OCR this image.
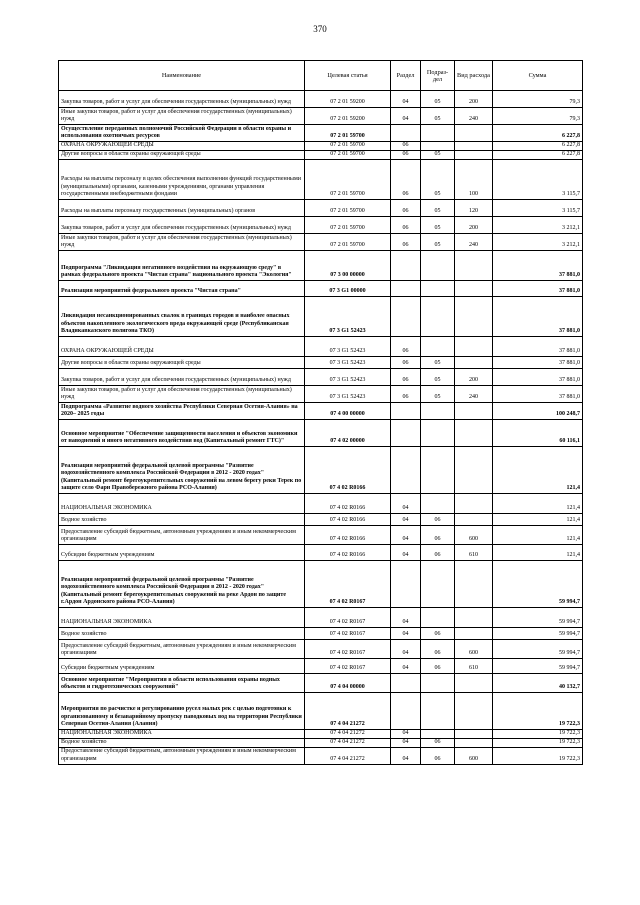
370
Наименование	Целевая статья	Раздел	Подраз-дел	Вид расхода	Сумма
Закупка товаров, работ и услуг для обеспечения государственных (муниципальных) нужд	07 2 01 59200	04	05	200	79,3
Иные закупки товаров, работ и услуг для обеспечения государственных (муниципальных) нужд	07 2 01 59200	04	05	240	79,3
Осуществление переданных полномочий Российской Федерации в области охраны и использования охотничьих ресурсов	07 2 01 59700				6 227,8
ОХРАНА ОКРУЖАЮЩЕЙ СРЕДЫ	07 2 01 59700	06			6 227,8
Другие вопросы в области охраны окружающей среды	07 2 01 59700	06	05		6 227,8
Расходы на выплаты персоналу в целях обеспечения выполнения функций государственными (муниципальными) органами, казенными учреждениями, органами управления государственными внебюджетными фондами	07 2 01 59700	06	05	100	3 115,7
Расходы на выплаты персоналу государственных (муниципальных) органов	07 2 01 59700	06	05	120	3 115,7
Закупка товаров, работ и услуг для обеспечения государственных (муниципальных) нужд	07 2 01 59700	06	05	200	3 212,1
Иные закупки товаров, работ и услуг для обеспечения государственных (муниципальных) нужд	07 2 01 59700	06	05	240	3 212,1
Подпрограмма "Ликвидация негативного воздействия на окружающую среду" в рамках федерального проекта "Чистая страна" национального проекта "Экология"	07 3 00 00000				37 881,0
Реализация мероприятий федерального проекта "Чистая страна"	07 3 G1 00000				37 881,0
Ликвидация несанкционированных свалок в границах городов и наиболее опасных объектов накопленного экологического вреда окружающей среде (Республиканская Владикавказского полигона ТКО)	07 3 G1 52423				37 881,0
ОХРАНА ОКРУЖАЮЩЕЙ СРЕДЫ	07 3 G1 52423	06			37 881,0
Другие вопросы в области охраны окружающей среды	07 3 G1 52423	06	05		37 881,0
Закупка товаров, работ и услуг для обеспечения государственных (муниципальных) нужд	07 3 G1 52423	06	05	200	37 881,0
Иные закупки товаров, работ и услуг для обеспечения государственных (муниципальных) нужд	07 3 G1 52423	06	05	240	37 881,0
Подпрограмма «Развитие водного хозяйства Республики Северная Осетия-Алания» на 2020– 2025 годы	07 4 00 00000				100 248,7
Основное мероприятие "Обеспечение защищенности населения и объектов экономики от наводнений и иного негативного воздействия вод (Капитальный ремонт ГТС)"	07 4 02 00000				60 116,1
Реализация мероприятий федеральной целевой программы "Развитие водохозяйственного комплекса Российской Федерации в 2012 - 2020 годах" (Капитальный ремонт берегоукрепительных сооружений на левом берегу реки Терек по защите село Фарн Правобережного района РСО-Алания)	07 4 02 R0166				121,4
НАЦИОНАЛЬНАЯ ЭКОНОМИКА	07 4 02 R0166	04			121,4
Водное хозяйство	07 4 02 R0166	04	06		121,4
Предоставление субсидий бюджетным, автономным учреждениям и иным некоммерческим организациям	07 4 02 R0166	04	06	600	121,4
Субсидии бюджетным учреждениям	07 4 02 R0166	04	06	610	121,4
Реализация мероприятий федеральной целевой программы "Развитие водохозяйственного комплекса Российской Федерации в 2012 - 2020 годах" (Капитальный ремонт берегоукрепительных сооружений на реке Ардон по защите г.Ардон Ардонского района РСО-Алания)	07 4 02 R0167				59 994,7
НАЦИОНАЛЬНАЯ ЭКОНОМИКА	07 4 02 R0167	04			59 994,7
Водное хозяйство	07 4 02 R0167	04	06		59 994,7
Предоставление субсидий бюджетным, автономным учреждениям и иным некоммерческим организациям	07 4 02 R0167	04	06	600	59 994,7
Субсидии бюджетным учреждениям	07 4 02 R0167	04	06	610	59 994,7
Основное мероприятие "Мероприятия в области использования охраны водных объектов и гидротехнических сооружений"	07 4 04 00000				40 132,7
Мероприятия по расчистке и регулированию русел малых рек с целью подготовки к организованному и безаварийному пропуску паводковых вод на территории Республики Северная Осетия-Алания (Алания)	07 4 04 21272				19 722,3
НАЦИОНАЛЬНАЯ ЭКОНОМИКА	07 4 04 21272	04			19 722,3
Водное хозяйство	07 4 04 21272	04	06		19 722,3
Предоставление субсидий бюджетным, автономным учреждениям и иным некоммерческим организациям	07 4 04 21272	04	06	600	19 722,3
